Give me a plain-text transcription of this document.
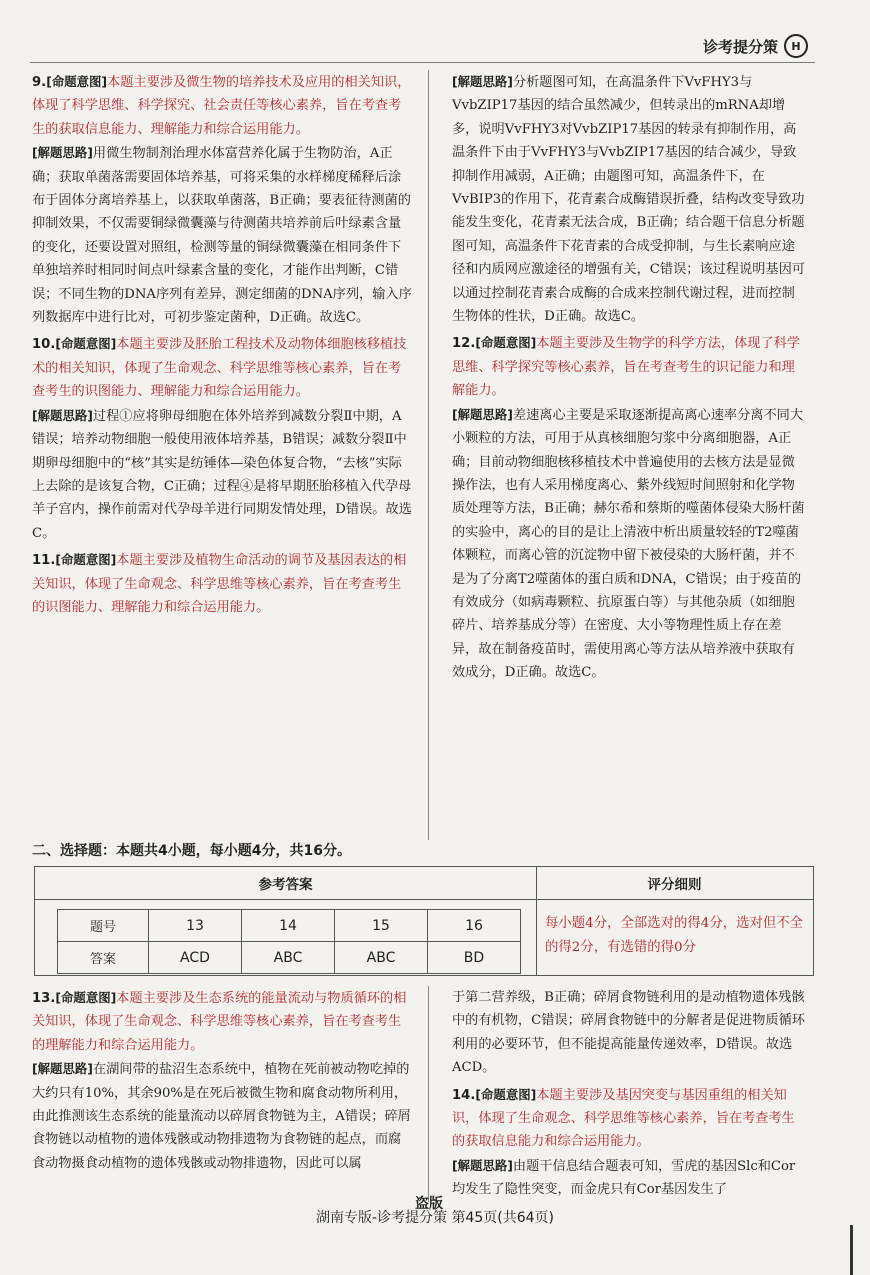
诊考提分策	H
9.[命题意图]本题主要涉及微生物的培养技术及应用的相关知识，体现了科学思维、科学探究、社会责任等核心素养，旨在考查考生的获取信息能力、理解能力和综合运用能力。
[解题思路]用微生物制剂治理水体富营养化属于生物防治，A正确；获取单菌落需要固体培养基，可将采集的水样梯度稀释后涂布于固体分离培养基上，以获取单菌落，B正确；要表征待测菌的抑制效果，不仅需要铜绿微囊藻与待测菌共培养前后叶绿素含量的变化，还要设置对照组，检测等量的铜绿微囊藻在相同条件下单独培养时相同时间点叶绿素含量的变化，才能作出判断，C错误；不同生物的DNA序列有差异，测定细菌的DNA序列，输入序列数据库中进行比对，可初步鉴定菌种，D正确。故选C。
10.[命题意图]本题主要涉及胚胎工程技术及动物体细胞核移植技术的相关知识，体现了生命观念、科学思维等核心素养，旨在考查考生的识图能力、理解能力和综合运用能力。
[解题思路]过程①应将卵母细胞在体外培养到减数分裂Ⅱ中期，A错误；培养动物细胞一般使用液体培养基，B错误；减数分裂Ⅱ中期卵母细胞中的“核”其实是纺锤体—染色体复合物，“去核”实际上去除的是该复合物，C正确；过程④是将早期胚胎移植入代孕母羊子宫内，操作前需对代孕母羊进行同期发情处理，D错误。故选C。
11.[命题意图]本题主要涉及植物生命活动的调节及基因表达的相关知识，体现了生命观念、科学思维等核心素养，旨在考查考生的识图能力、理解能力和综合运用能力。
[解题思路]分析题图可知，在高温条件下VvFHY3与VvbZIP17基因的结合虽然减少，但转录出的mRNA却增多，说明VvFHY3对VvbZIP17基因的转录有抑制作用，高温条件下由于VvFHY3与VvbZIP17基因的结合减少，导致抑制作用减弱，A正确；由题图可知，高温条件下，在VvBIP3的作用下，花青素合成酶错误折叠，结构改变导致功能发生变化，花青素无法合成，B正确；结合题干信息分析题图可知，高温条件下花青素的合成受抑制，与生长素响应途径和内质网应激途径的增强有关，C错误；该过程说明基因可以通过控制花青素合成酶的合成来控制代谢过程，进而控制生物体的性状，D正确。故选C。
12.[命题意图]本题主要涉及生物学的科学方法，体现了科学思维、科学探究等核心素养，旨在考查考生的识记能力和理解能力。
[解题思路]差速离心主要是采取逐渐提高离心速率分离不同大小颗粒的方法，可用于从真核细胞匀浆中分离细胞器，A正确；目前动物细胞核移植技术中普遍使用的去核方法是显微操作法，也有人采用梯度离心、紫外线短时间照射和化学物质处理等方法，B正确；赫尔希和蔡斯的噬菌体侵染大肠杆菌的实验中，离心的目的是让上清液中析出质量较轻的T2噬菌体颗粒，而离心管的沉淀物中留下被侵染的大肠杆菌，并不是为了分离T2噬菌体的蛋白质和DNA，C错误；由于疫苗的有效成分（如病毒颗粒、抗原蛋白等）与其他杂质（如细胞碎片、培养基成分等）在密度、大小等物理性质上存在差异，故在制备疫苗时，需使用离心等方法从培养液中获取有效成分，D正确。故选C。
二、选择题：本题共4小题，每小题4分，共16分。
参考答案	评分细则
题号	13	14	15	16
答案	ACD	ABC	ABC	BD
每小题4分，全部选对的得4分，选对但不全的得2分，有选错的得0分
13.[命题意图]本题主要涉及生态系统的能量流动与物质循环的相关知识，体现了生命观念、科学思维等核心素养，旨在考查考生的理解能力和综合运用能力。
[解题思路]在湖间带的盐沼生态系统中，植物在死前被动物吃掉的大约只有10%，其余90%是在死后被微生物和腐食动物所利用，由此推测该生态系统的能量流动以碎屑食物链为主，A错误；碎屑食物链以动植物的遗体残骸或动物排遗物为食物链的起点，而腐食动物摄食动植物的遗体残骸或动物排遗物，因此可以属
于第二营养级，B正确；碎屑食物链利用的是动植物遗体残骸中的有机物，C错误；碎屑食物链中的分解者是促进物质循环利用的必要环节，但不能提高能量传递效率，D错误。故选ACD。
14.[命题意图]本题主要涉及基因突变与基因重组的相关知识，体现了生命观念、科学思维等核心素养，旨在考查考生的获取信息能力和综合运用能力。
[解题思路]由题干信息结合题表可知，雪虎的基因Slc和Cor均发生了隐性突变，而金虎只有Cor基因发生了
盗版
湖南专版-诊考提分策 第45页(共64页)
